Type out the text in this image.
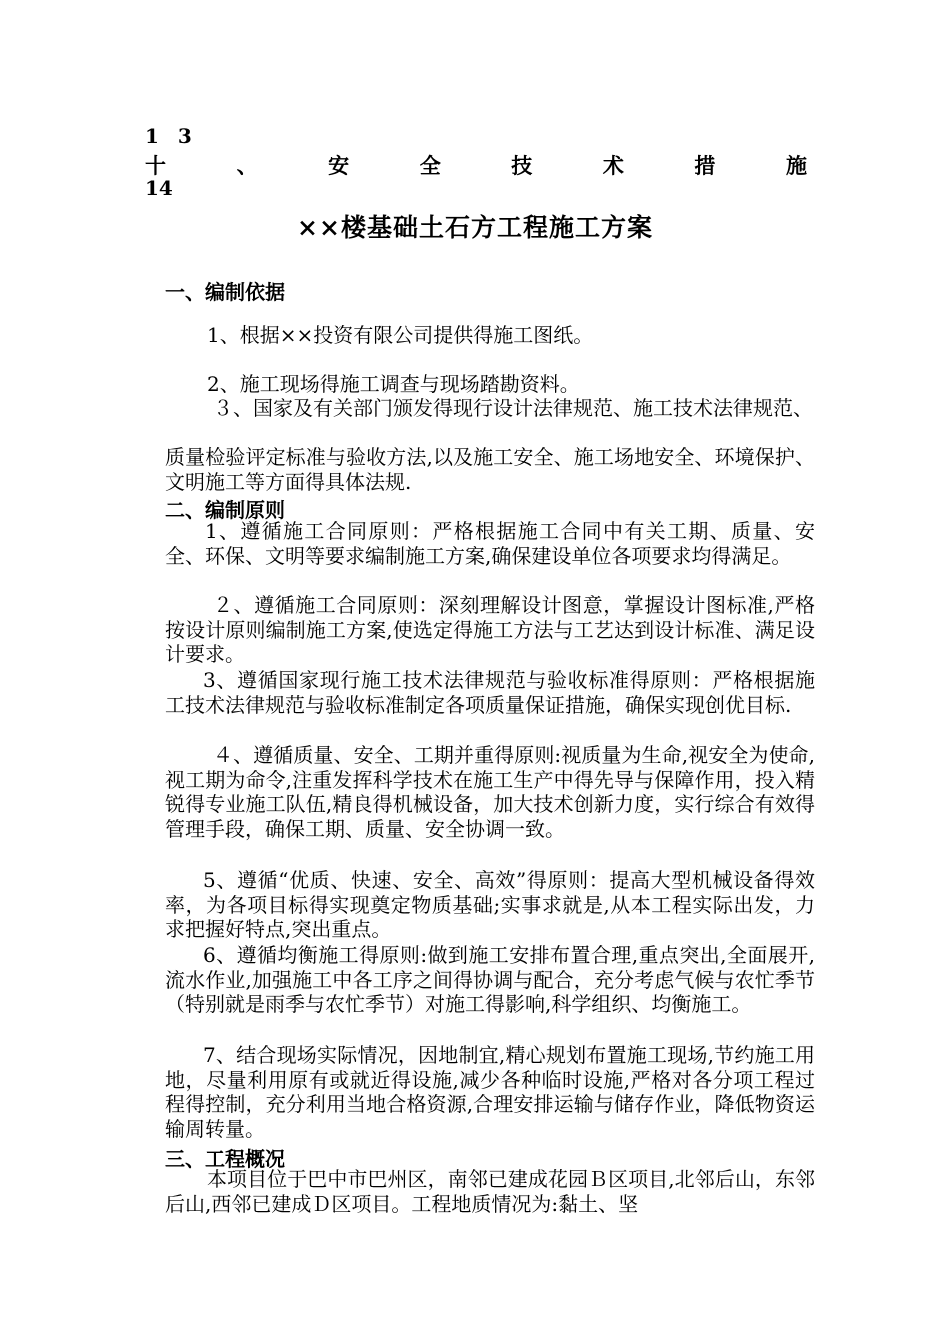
1 3
十	、	安	全	技	术	措	施
14
××楼基础土石方工程施工方案
一、编制依据
1、根据××投资有限公司提供得施工图纸。
2、施工现场得施工调查与现场踏勘资料。
３、国家及有关部门颁发得现行设计法律规范、施工技术法律规范、
质量检验评定标准与验收方法,以及施工安全、施工场地安全、环境保护、文明施工等方面得具体法规.
二、编制原则
1、遵循施工合同原则：严格根据施工合同中有关工期、质量、安全、环保、文明等要求编制施工方案,确保建设单位各项要求均得满足。
２、遵循施工合同原则：深刻理解设计图意，掌握设计图标准,严格按设计原则编制施工方案,使选定得施工方法与工艺达到设计标准、满足设计要求。
3、遵循国家现行施工技术法律规范与验收标准得原则：严格根据施工技术法律规范与验收标准制定各项质量保证措施，确保实现创优目标.
４、遵循质量、安全、工期并重得原则:视质量为生命,视安全为使命,视工期为命令,注重发挥科学技术在施工生产中得先导与保障作用，投入精锐得专业施工队伍,精良得机械设备，加大技术创新力度，实行综合有效得管理手段，确保工期、质量、安全协调一致。
5、遵循“优质、快速、安全、高效”得原则：提高大型机械设备得效率，为各项目标得实现奠定物质基础;实事求就是,从本工程实际出发，力求把握好特点,突出重点。
6、遵循均衡施工得原则:做到施工安排布置合理,重点突出,全面展开,流水作业,加强施工中各工序之间得协调与配合，充分考虑气候与农忙季节（特别就是雨季与农忙季节）对施工得影响,科学组织、均衡施工。
7、结合现场实际情况，因地制宜,精心规划布置施工现场,节约施工用地，尽量利用原有或就近得设施,减少各种临时设施,严格对各分项工程过程得控制，充分利用当地合格资源,合理安排运输与储存作业，降低物资运输周转量。
三、工程概况
本项目位于巴中市巴州区，南邻已建成花园Ｂ区项目,北邻后山，东邻后山,西邻已建成Ｄ区项目。工程地质情况为:黏土、坚
